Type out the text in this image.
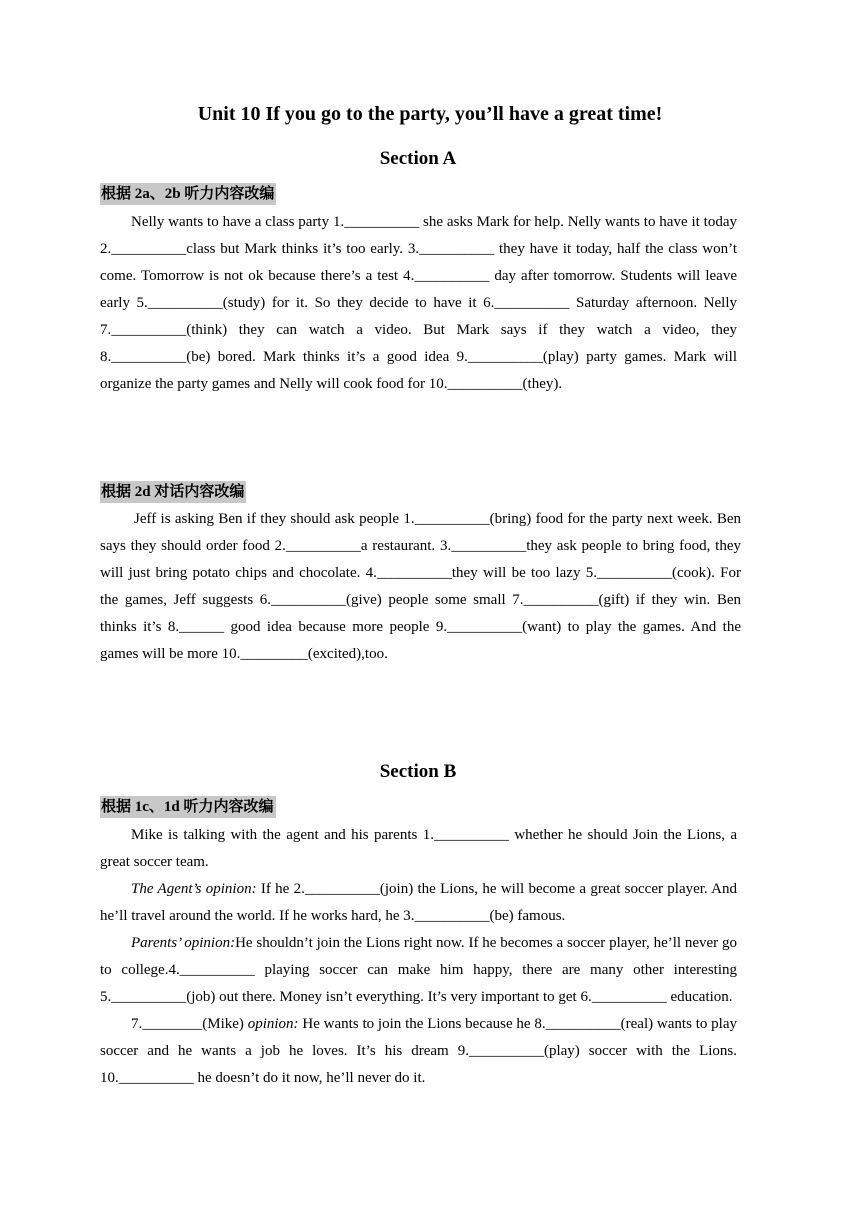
Unit 10 If you go to the party, you’ll have a great time!
Section A
根据 2a、2b 听力内容改编

Nelly wants to have a class party 1.__________ she asks Mark for help. Nelly wants to have it today 2.__________class but Mark thinks it’s too early. 3.__________ they have it today, half the class won’t come. Tomorrow is not ok because there’s a test 4.__________ day after tomorrow. Students will leave early 5.__________(study) for it. So they decide to have it 6.__________ Saturday afternoon. Nelly 7.__________(think) they can watch a video. But Mark says if they watch a video, they 8.__________(be) bored. Mark thinks it’s a good idea 9.__________(play) party games. Mark will organize the party games and Nelly will cook food for 10.__________(they).

根据 2d 对话内容改编

Jeff is asking Ben if they should ask people 1.__________(bring) food for the party next week. Ben says they should order food 2.__________a restaurant. 3.__________they ask people to bring food, they will just bring potato chips and chocolate. 4.__________they will be too lazy 5.__________(cook). For the games, Jeff suggests 6.__________(give) people some small 7.__________(gift) if they win. Ben thinks it’s 8.______ good idea because more people 9.__________(want) to play the games. And the games will be more 10._________(excited),too.

Section B
根据 1c、1d 听力内容改编

Mike is talking with the agent and his parents 1.__________ whether he should Join the Lions, a great soccer team.

The Agent’s opinion: If he 2.__________(join) the Lions, he will become a great soccer player. And he’ll travel around the world. If he works hard, he 3.__________(be) famous.

Parents’ opinion:He shouldn’t join the Lions right now. If he becomes a soccer player, he’ll never go to college.4.__________ playing soccer can make him happy, there are many other interesting 5.__________(job) out there. Money isn’t everything. It’s very important to get 6.__________ education.

7.________(Mike) opinion: He wants to join the Lions because he 8.__________(real) wants to play soccer and he wants a job he loves. It’s his dream 9.__________(play) soccer with the Lions. 10.__________ he doesn’t do it now, he’ll never do it.
